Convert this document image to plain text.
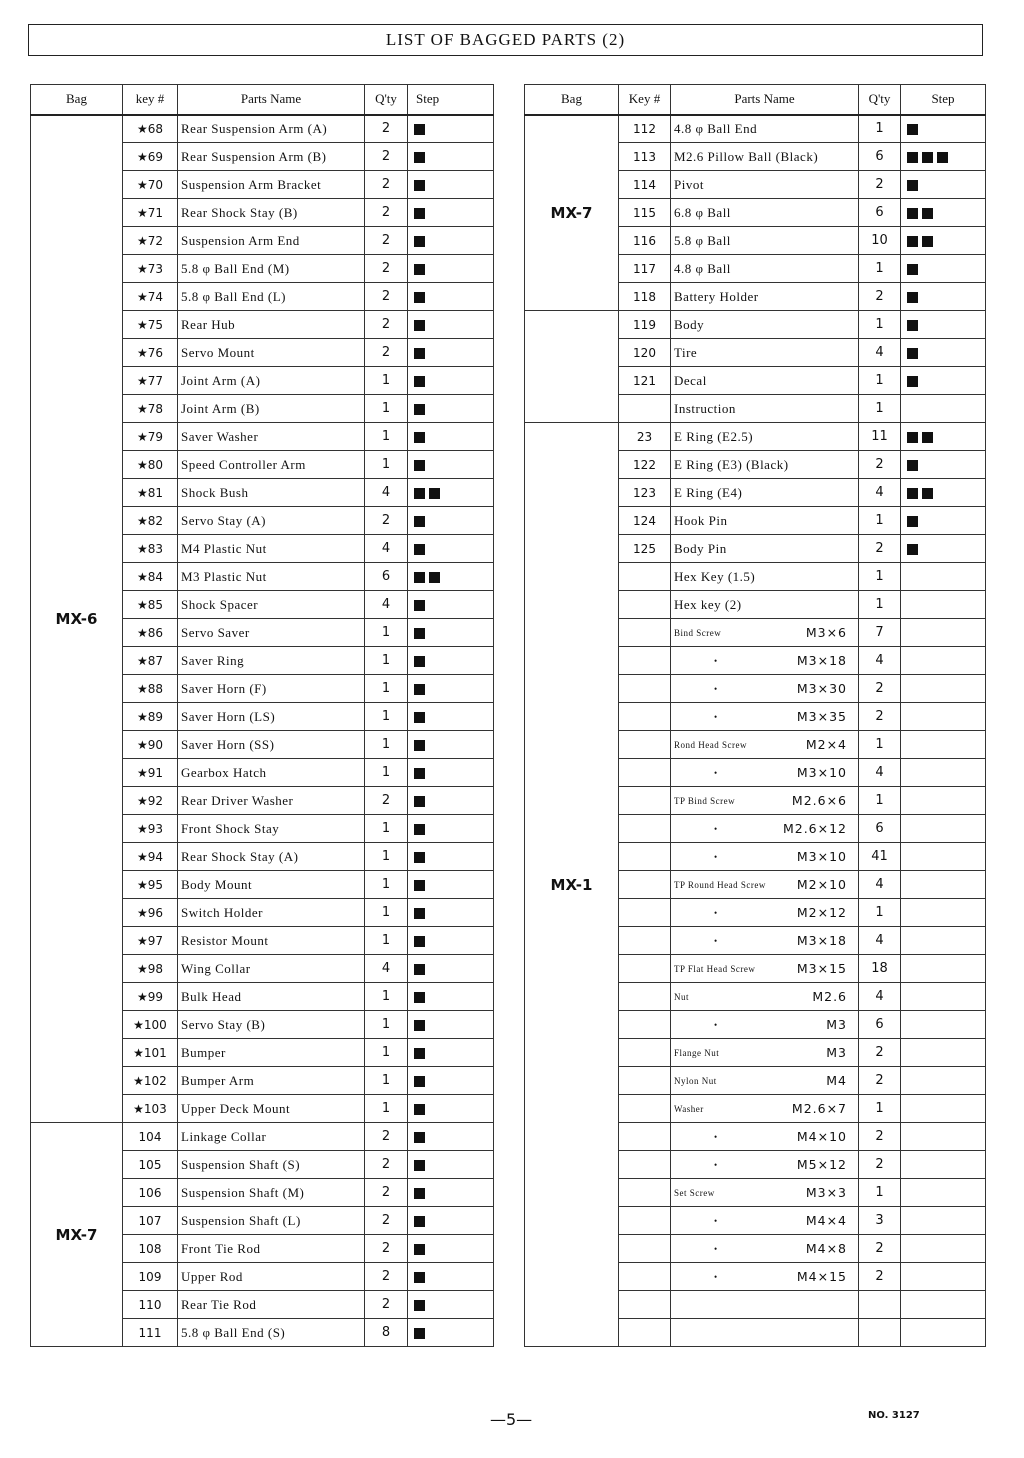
LIST OF BAGGED PARTS (2)
Bag	key #	Parts Name	Q'ty	Step
MX-6	★68	Rear Suspension Arm (A)	2	
	★69	Rear Suspension Arm (B)	2	
	★70	Suspension Arm Bracket	2	
	★71	Rear Shock Stay (B)	2	
	★72	Suspension Arm End	2	
	★73	5.8 φ Ball End (M)	2	
	★74	5.8 φ Ball End (L)	2	
	★75	Rear Hub	2	
	★76	Servo Mount	2	
	★77	Joint Arm (A)	1	
	★78	Joint Arm (B)	1	
	★79	Saver Washer	1	
	★80	Speed Controller Arm	1	
	★81	Shock Bush	4	
	★82	Servo Stay (A)	2	
	★83	M4 Plastic Nut	4	
	★84	M3 Plastic Nut	6	
	★85	Shock Spacer	4	
	★86	Servo Saver	1	
	★87	Saver Ring	1	
	★88	Saver Horn (F)	1	
	★89	Saver Horn (LS)	1	
	★90	Saver Horn (SS)	1	
	★91	Gearbox Hatch	1	
	★92	Rear Driver Washer	2	
	★93	Front Shock Stay	1	
	★94	Rear Shock Stay (A)	1	
	★95	Body Mount	1	
	★96	Switch Holder	1	
	★97	Resistor Mount	1	
	★98	Wing Collar	4	
	★99	Bulk Head	1	
	★100	Servo Stay (B)	1	
	★101	Bumper	1	
	★102	Bumper Arm	1	
	★103	Upper Deck Mount	1	
MX-7	104	Linkage Collar	2	
	105	Suspension Shaft (S)	2	
	106	Suspension Shaft (M)	2	
	107	Suspension Shaft (L)	2	
	108	Front Tie Rod	2	
	109	Upper Rod	2	
	110	Rear Tie Rod	2	
	111	5.8 φ Ball End (S)	8	
Bag	Key #	Parts Name	Q'ty	Step
MX-7	112	4.8 φ Ball End	1	
	113	M2.6 Pillow Ball (Black)	6	
	114	Pivot	2	
	115	6.8 φ Ball	6	
	116	5.8 φ Ball	10	
	117	4.8 φ Ball	1	
	118	Battery Holder	2	
	119	Body	1	
	120	Tire	4	
	121	Decal	1	
		Instruction	1	
MX-1	23	E Ring (E2.5)	11	
	122	E Ring (E3) (Black)	2	
	123	E Ring (E4)	4	
	124	Hook Pin	1	
	125	Body Pin	2	
		Hex Key (1.5)	1	
		Hex key (2)	1	

		Bind Screw M3×6	7	

		• M3×18	4	

		• M3×30	2	

		• M3×35	2	

		Rond Head Screw M2×4	1	

		• M3×10	4	

		TP Bind Screw M2.6×6	1	

		• M2.6×12	6	

		• M3×10	41	

		TP Round Head Screw M2×10	4	

		• M2×12	1	

		• M3×18	4	

		TP Flat Head Screw M3×15	18	

		Nut M2.6	4	

		• M3	6	

		Flange Nut M3	2	

		Nylon Nut M4	2	

		Washer M2.6×7	1	

		• M4×10	2	

		• M5×12	2	

		Set Screw M3×3	1	

		• M4×4	3	

		• M4×8	2	

		• M4×15	2	

—5—	NO. 3127
